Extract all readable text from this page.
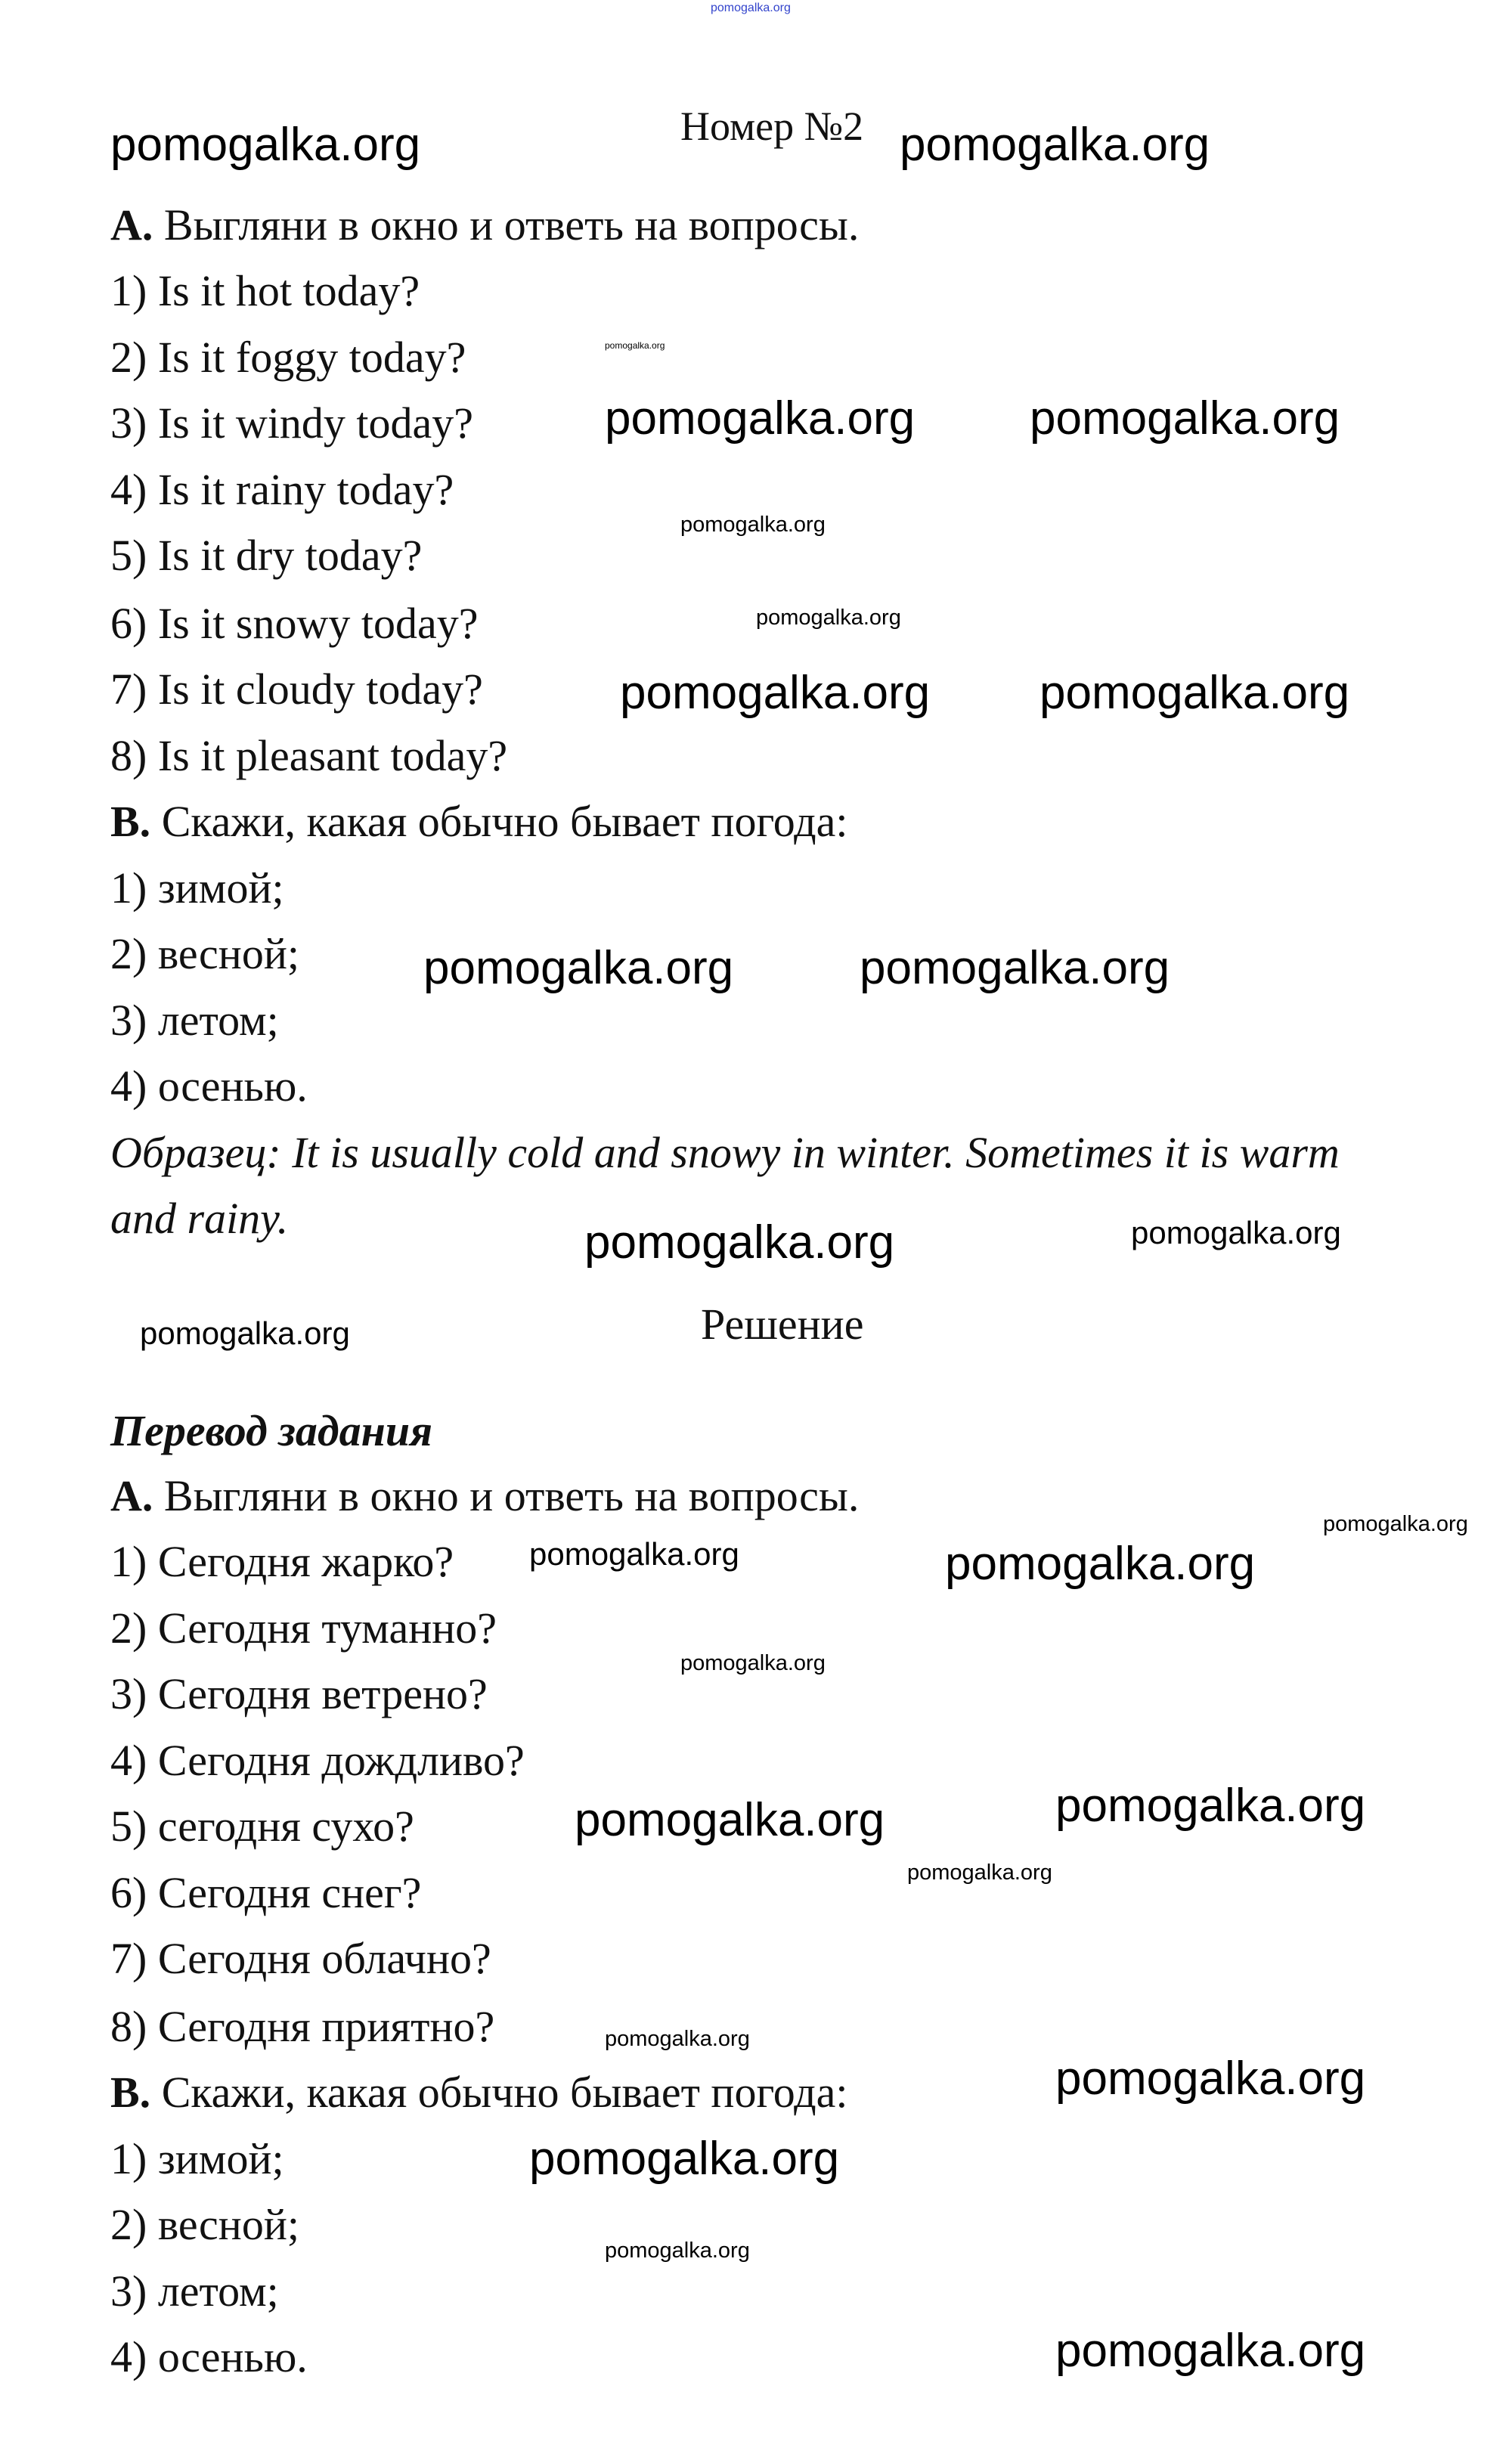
pomogalka.org
Номер №2
A. Выгляни в окно и ответь на вопросы.
1) Is it hot today?
2) Is it foggy today?
3) Is it windy today?
4) Is it rainy today?
5) Is it dry today?
6) Is it snowy today?
7) Is it cloudy today?
8) Is it pleasant today?
B. Скажи, какая обычно бывает погода:
1) зимой;
2) весной;
3) летом;
4) осенью.
Образец: It is usually cold and snowy in winter. Sometimes it is warm
and rainy.
Решение
Перевод задания
A. Выгляни в окно и ответь на вопросы.
1) Сегодня жарко?
2) Сегодня туманно?
3) Сегодня ветрено?
4) Сегодня дождливо?
5) сегодня сухо?
6) Сегодня снег?
7) Сегодня облачно?
8) Сегодня приятно?
B. Скажи, какая обычно бывает погода:
1) зимой;
2) весной;
3) летом;
4) осенью.
pomogalka.org	pomogalka.org
pomogalka.org pomogalka.org
pomogalka.org pomogalka.org
pomogalka.org	pomogalka.org
pomogalka.org
pomogalka.org
pomogalka.org	pomogalka.org
pomogalka.org
pomogalka.org
pomogalka.org
pomogalka.org
pomogalka.org
pomogalka.org
pomogalka.org
pomogalka.org
pomogalka.org
pomogalka.org
pomogalka.org
pomogalka.org
pomogalka.org
pomogalka.org
